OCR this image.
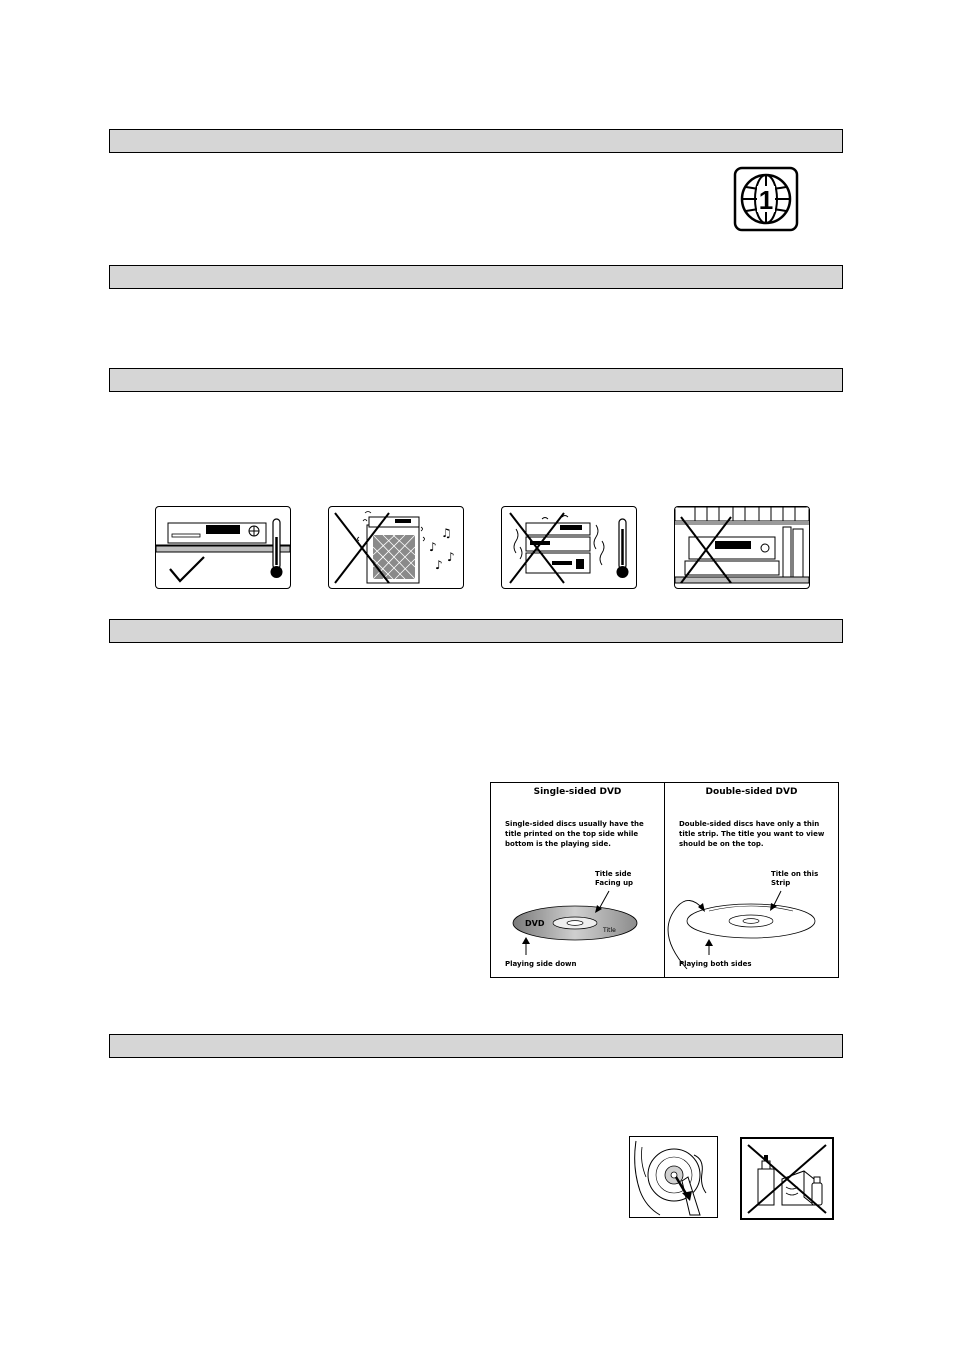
1
♪
♫
♪
♪
Single-sided DVD
Single-sided discs usually have the title printed on the top side while bottom is the playing side.
Title side
Facing up
DVD
Title
Playing side down
Double-sided DVD
Double-sided discs have only a thin title strip. The title you want to view should be on the top.
Title on this
Strip
Playing both sides
